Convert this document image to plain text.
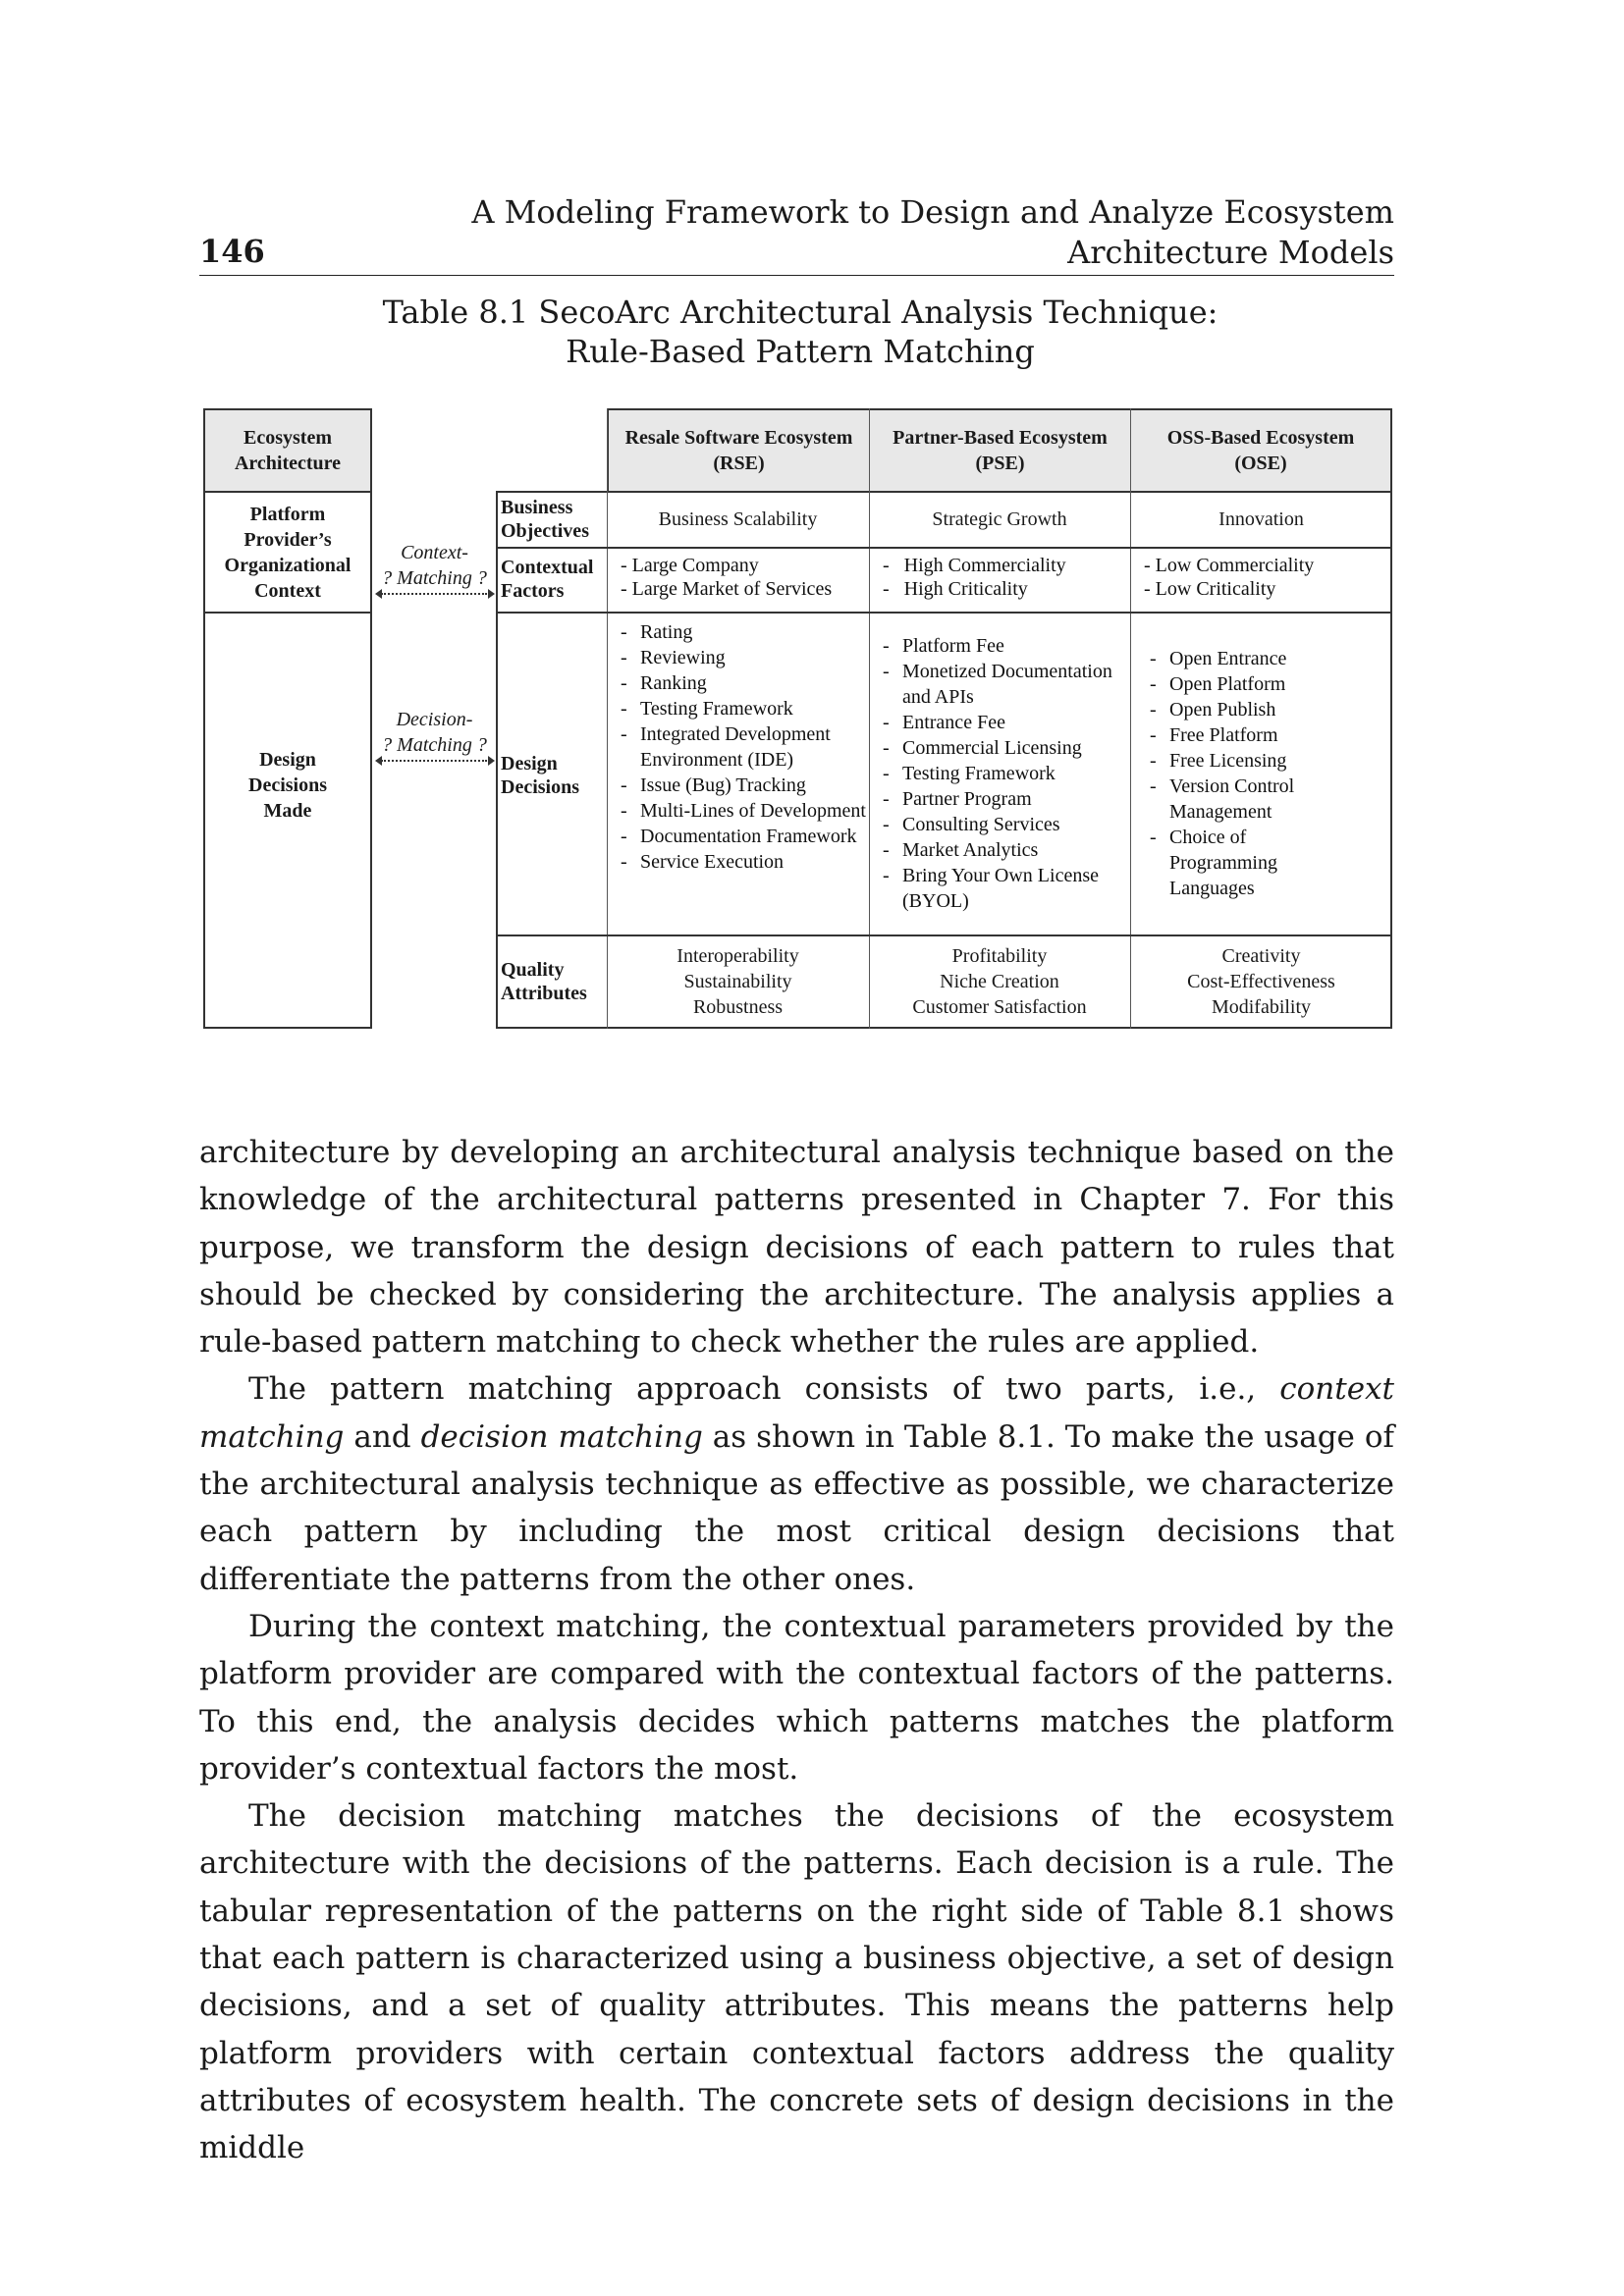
A Modeling Framework to Design and Analyze Ecosystem
Architecture Models
146
Table 8.1 SecoArc Architectural Analysis Technique:
Rule-Based Pattern Matching
Ecosystem Architecture
Platform Provider’s Organizational Context
Design Decisions Made
Context-
? Matching ?
Decision-
? Matching ?
Resale Software Ecosystem
(RSE)
Partner-Based Ecosystem
(PSE)
OSS-Based Ecosystem
(OSE)
Business Objectives
Contextual Factors
Design Decisions
Quality Attributes
Business Scalability	Strategic Growth	Innovation
- Large Company
- Large Market of Services
-   High Commerciality
-   High Criticality
- Low Commerciality
- Low Criticality
- Rating
- Reviewing
- Ranking
- Testing Framework
- Integrated Development Environment (IDE)
- Issue (Bug) Tracking
- Multi-Lines of Development
- Documentation Framework
- Service Execution
- Platform Fee
- Monetized Documentation and APIs
- Entrance Fee
- Commercial Licensing
- Testing Framework
- Partner Program
- Consulting Services
- Market Analytics
- Bring Your Own License (BYOL)
- Open Entrance
- Open Platform
- Open Publish
- Free Platform
- Free Licensing
- Version Control Management
- Choice of Programming Languages
Interoperability
Sustainability
Robustness
Profitability
Niche Creation
Customer Satisfaction
Creativity
Cost-Effectiveness
Modifability

architecture by developing an architectural analysis technique based on the knowledge of the architectural patterns presented in Chapter 7. For this purpose, we transform the design decisions of each pattern to rules that should be checked by considering the architecture. The analysis applies a rule-based pattern matching to check whether the rules are applied.

The pattern matching approach consists of two parts, i.e., context matching and decision matching as shown in Table 8.1. To make the usage of the architectural analysis technique as effective as possible, we characterize each pattern by including the most critical design decisions that differentiate the patterns from the other ones.

During the context matching, the contextual parameters provided by the platform provider are compared with the contextual factors of the patterns. To this end, the analysis decides which patterns matches the platform provider’s contextual factors the most.

The decision matching matches the decisions of the ecosystem architecture with the decisions of the patterns. Each decision is a rule. The tabular representation of the patterns on the right side of Table 8.1 shows that each pattern is characterized using a business objective, a set of design decisions, and a set of quality attributes. This means the patterns help platform providers with certain contextual factors address the quality attributes of ecosystem health. The concrete sets of design decisions in the middle
